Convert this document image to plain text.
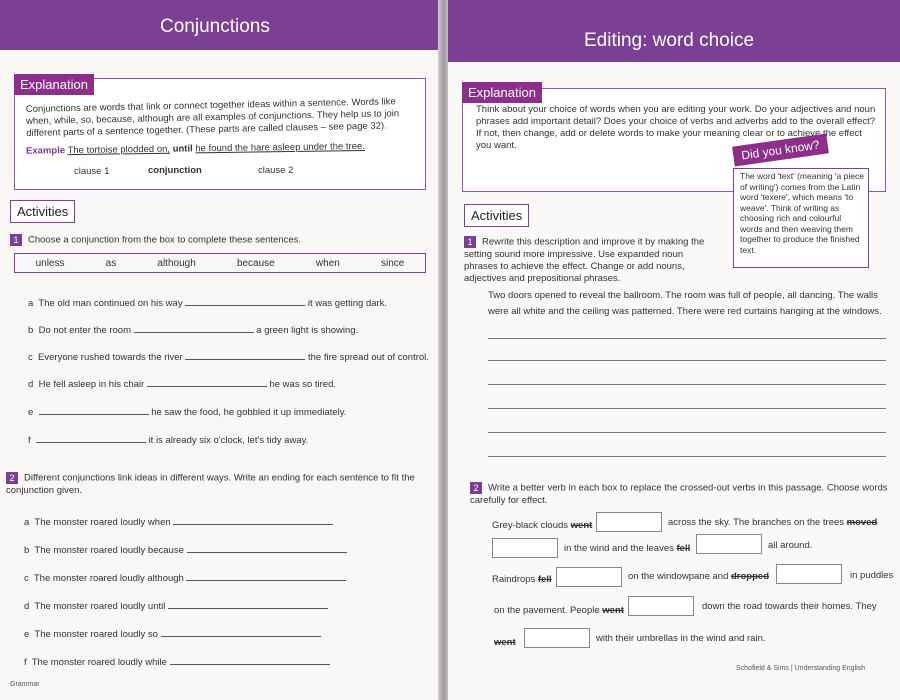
Conjunctions
Explanation
Conjunctions are words that link or connect together ideas within a sentence. Words like when, while, so, because, although are all examples of conjunctions. They help us to join different parts of a sentence together. (These parts are called clauses – see page 32).
Example The tortoise plodded on, until he found the hare asleep under the tree.
clause 1	conjunction	clause 2
Activities
1 Choose a conjunction from the box to complete these sentences.
unless	as	although	because	when	since
a The old man continued on his way	it was getting dark.
b Do not enter the room	a green light is showing.
c Everyone rushed towards the river	the fire spread out of control.
d He fell asleep in his chair	he was so tired.
e	he saw the food, he gobbled it up immediately.
f	it is already six o'clock, let's tidy away.
2 Different conjunctions link ideas in different ways. Write an ending for each sentence to fit the conjunction given.
a The monster roared loudly when
b The monster roared loudly because
c The monster roared loudly although
d The monster roared loudly until
e The monster roared loudly so
f The monster roared loudly while
Grammar
Editing: word choice
Explanation
Think about your choice of words when you are editing your work. Do your adjectives and noun phrases add important detail? Does your choice of verbs and adverbs add to the overall effect? If not, then change, add or delete words to make your meaning clear or to achieve the effect you want.	Did you know?
The word 'text' (meaning 'a piece of writing') comes from the Latin word 'texere', which means 'to weave'. Think of writing as choosing rich and colourful words and then weaving them together to produce the finished text.
Activities
1 Rewrite this description and improve it by making the setting sound more impressive. Use expanded noun phrases to achieve the effect. Change or add nouns, adjectives and prepositional phrases.
Two doors opened to reveal the ballroom. The room was full of people, all dancing. The walls were all white and the ceiling was patterned. There were red curtains hanging at the windows.
2 Write a better verb in each box to replace the crossed-out verbs in this passage. Choose words carefully for effect.
Grey-black clouds went	across the sky. The branches on the trees moved
in the wind and the leaves fell	all around.
Raindrops fell	on the windowpane and dropped	in puddles
on the pavement. People went	down the road towards their homes. They
went	with their umbrellas in the wind and rain.
Schofield & Sims | Understanding English
